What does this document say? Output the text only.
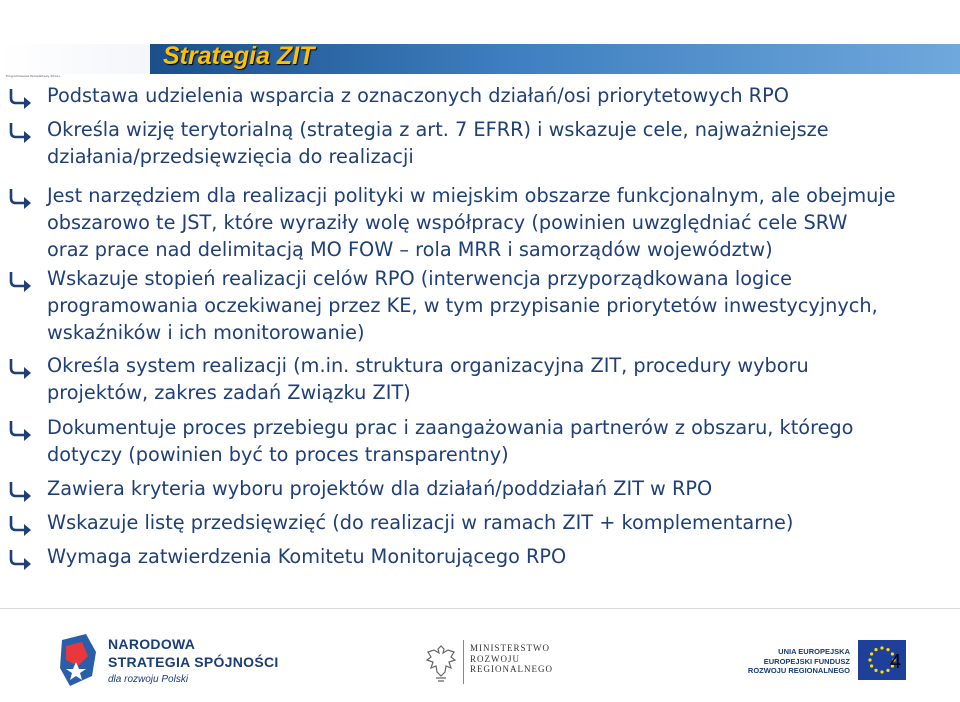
Programowanie Perspektywy 2014+
Strategia ZIT
Podstawa udzielenia wsparcia z oznaczonych działań/osi priorytetowych RPO
Określa wizję terytorialną (strategia z art. 7 EFRR) i wskazuje cele, najważniejsze
działania/przedsięwzięcia do realizacji
Jest narzędziem dla realizacji polityki w miejskim obszarze funkcjonalnym, ale obejmuje
obszarowo te JST, które wyraziły wolę współpracy (powinien uwzględniać cele SRW
oraz prace nad delimitacją MO FOW – rola MRR i samorządów województw)
Wskazuje stopień realizacji celów RPO (interwencja przyporządkowana logice
programowania oczekiwanej przez KE, w tym przypisanie priorytetów inwestycyjnych,
wskaźników i ich monitorowanie)
Określa system realizacji (m.in. struktura organizacyjna ZIT, procedury wyboru
projektów, zakres zadań Związku ZIT)
Dokumentuje proces przebiegu prac i zaangażowania partnerów z obszaru, którego
dotyczy (powinien być to proces transparentny)
Zawiera kryteria wyboru projektów dla działań/poddziałań ZIT w RPO
Wskazuje listę przedsięwzięć (do realizacji w ramach ZIT + komplementarne)
Wymaga zatwierdzenia Komitetu Monitorującego RPO
NARODOWA
STRATEGIA SPÓJNOŚCI
dla rozwoju Polski
MINISTERSTWO
ROZWOJU
REGIONALNEGO
UNIA EUROPEJSKA
EUROPEJSKI FUNDUSZ
ROZWOJU REGIONALNEGO 4
